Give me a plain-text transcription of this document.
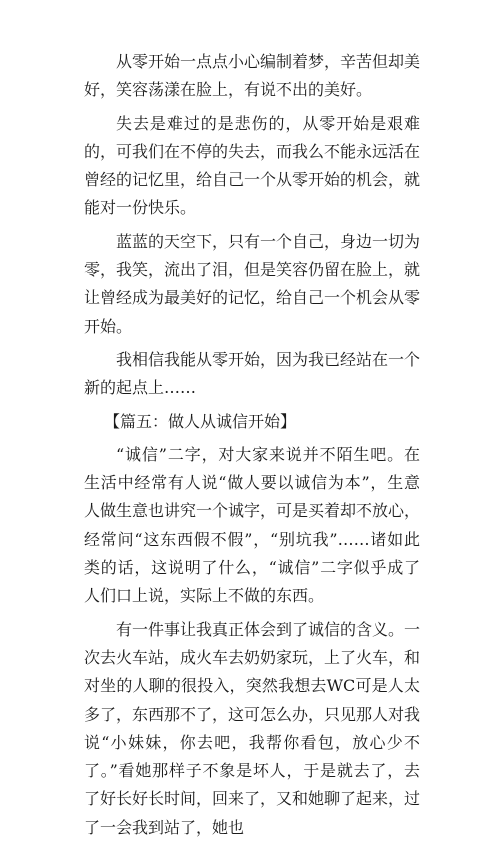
从零开始一点点小心编制着梦，辛苦但却美好，笑容荡漾在脸上，有说不出的美好。

失去是难过的是悲伤的，从零开始是艰难的，可我们在不停的失去，而我么不能永远活在曾经的记忆里，给自己一个从零开始的机会，就能对一份快乐。

蓝蓝的天空下，只有一个自己，身边一切为零，我笑，流出了泪，但是笑容仍留在脸上，就让曾经成为最美好的记忆，给自己一个机会从零开始。

我相信我能从零开始，因为我已经站在一个新的起点上……

【篇五：做人从诚信开始】

“诚信”二字，对大家来说并不陌生吧。在生活中经常有人说“做人要以诚信为本”，生意人做生意也讲究一个诚字，可是买着却不放心，经常问“这东西假不假”，“别坑我”……诸如此类的话，这说明了什么，“诚信”二字似乎成了人们口上说，实际上不做的东西。

有一件事让我真正体会到了诚信的含义。一次去火车站，成火车去奶奶家玩，上了火车，和对坐的人聊的很投入，突然我想去WC可是人太多了，东西那不了，这可怎么办，只见那人对我说“小妹妹，你去吧，我帮你看包，放心少不了。”看她那样子不象是坏人，于是就去了，去了好长好长时间，回来了，又和她聊了起来，过了一会我到站了，她也
